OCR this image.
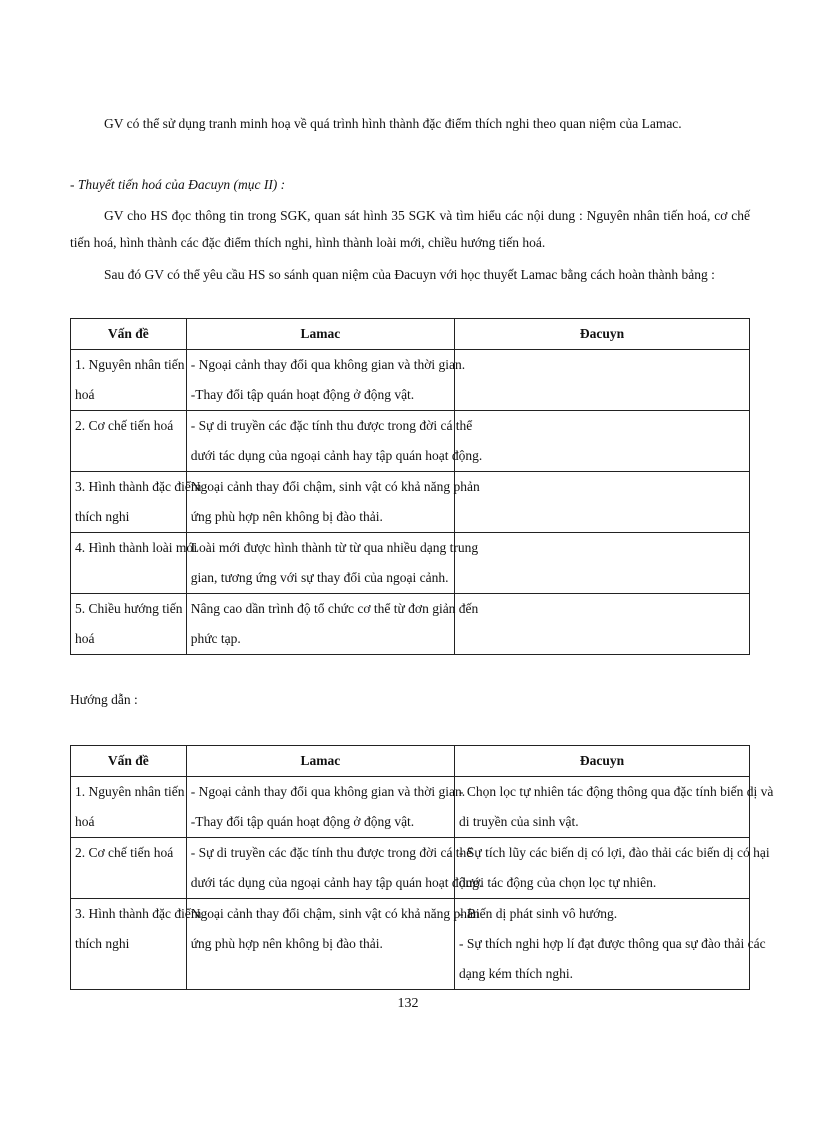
GV có thể sử dụng tranh minh hoạ về quá trình hình thành đặc điểm thích nghi theo quan niệm của Lamac.

- Thuyết tiến hoá của Đacuyn (mục II) :

GV cho HS đọc thông tin trong SGK, quan sát hình 35 SGK và tìm hiểu các nội dung : Nguyên nhân tiến hoá, cơ chế tiến hoá, hình thành các đặc điểm thích nghi, hình thành loài mới, chiều hướng tiến hoá.

Sau đó GV có thể yêu cầu HS so sánh quan niệm của Đacuyn với học thuyết Lamac bằng cách hoàn thành bảng :

Vấn đề	Lamac	Đacuyn

1. Nguyên nhân tiến
hoá	- Ngoại cảnh thay đổi qua không gian và thời gian.
-Thay đổi tập quán hoạt động ở động vật.	

2. Cơ chế tiến hoá	- Sự di truyền các đặc tính thu được trong đời cá thể
dưới tác dụng của ngoại cảnh hay tập quán hoạt động.	

3. Hình thành đặc điểm
thích nghi	Ngoại cảnh thay đổi chậm, sinh vật có khả năng phản
ứng phù hợp nên không bị đào thải.	

4. Hình thành loài mới	Loài mới được hình thành từ từ qua nhiều dạng trung
gian, tương ứng với sự thay đổi của ngoại cảnh.	

5. Chiều hướng tiến
hoá	Nâng cao dần trình độ tổ chức cơ thể từ đơn giản đến
phức tạp.	

Hướng dẫn :

Vấn đề	Lamac	Đacuyn

1. Nguyên nhân tiến
hoá	- Ngoại cảnh thay đổi qua không gian và thời gian.
-Thay đổi tập quán hoạt động ở động vật.	- Chọn lọc tự nhiên tác động thông qua đặc tính biến dị và
di truyền của sinh vật.

2. Cơ chế tiến hoá	- Sự di truyền các đặc tính thu được trong đời cá thể
dưới tác dụng của ngoại cảnh hay tập quán hoạt động.	- Sự tích lũy các biến dị có lợi, đào thải các biến dị có hại
dưới tác động của chọn lọc tự nhiên.

3. Hình thành đặc điểm
thích nghi	Ngoại cảnh thay đổi chậm, sinh vật có khả năng phản
ứng phù hợp nên không bị đào thải.	- Biến dị phát sinh vô hướng.
- Sự thích nghi hợp lí đạt được thông qua sự đào thải các
dạng kém thích nghi.
132
